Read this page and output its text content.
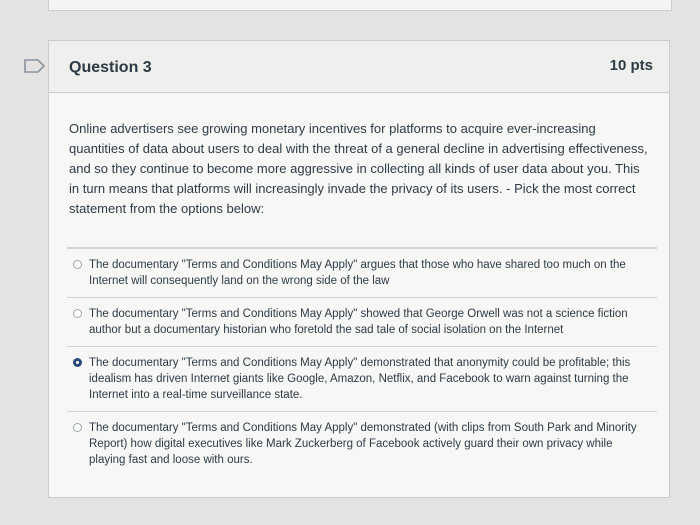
Question 3	10 pts
Online advertisers see growing monetary incentives for platforms to acquire ever-increasing quantities of data about users to deal with the threat of a general decline in advertising effectiveness, and so they continue to become more aggressive in collecting all kinds of user data about you. This in turn means that platforms will increasingly invade the privacy of its users. - Pick the most correct statement from the options below:
The documentary "Terms and Conditions May Apply" argues that those who have shared too much on the Internet will consequently land on the wrong side of the law
The documentary "Terms and Conditions May Apply" showed that George Orwell was not a science fiction author but a documentary historian who foretold the sad tale of social isolation on the Internet
The documentary "Terms and Conditions May Apply" demonstrated that anonymity could be profitable; this idealism has driven Internet giants like Google, Amazon, Netflix, and Facebook to warn against turning the Internet into a real-time surveillance state.
The documentary "Terms and Conditions May Apply" demonstrated (with clips from South Park and Minority Report) how digital executives like Mark Zuckerberg of Facebook actively guard their own privacy while playing fast and loose with ours.
